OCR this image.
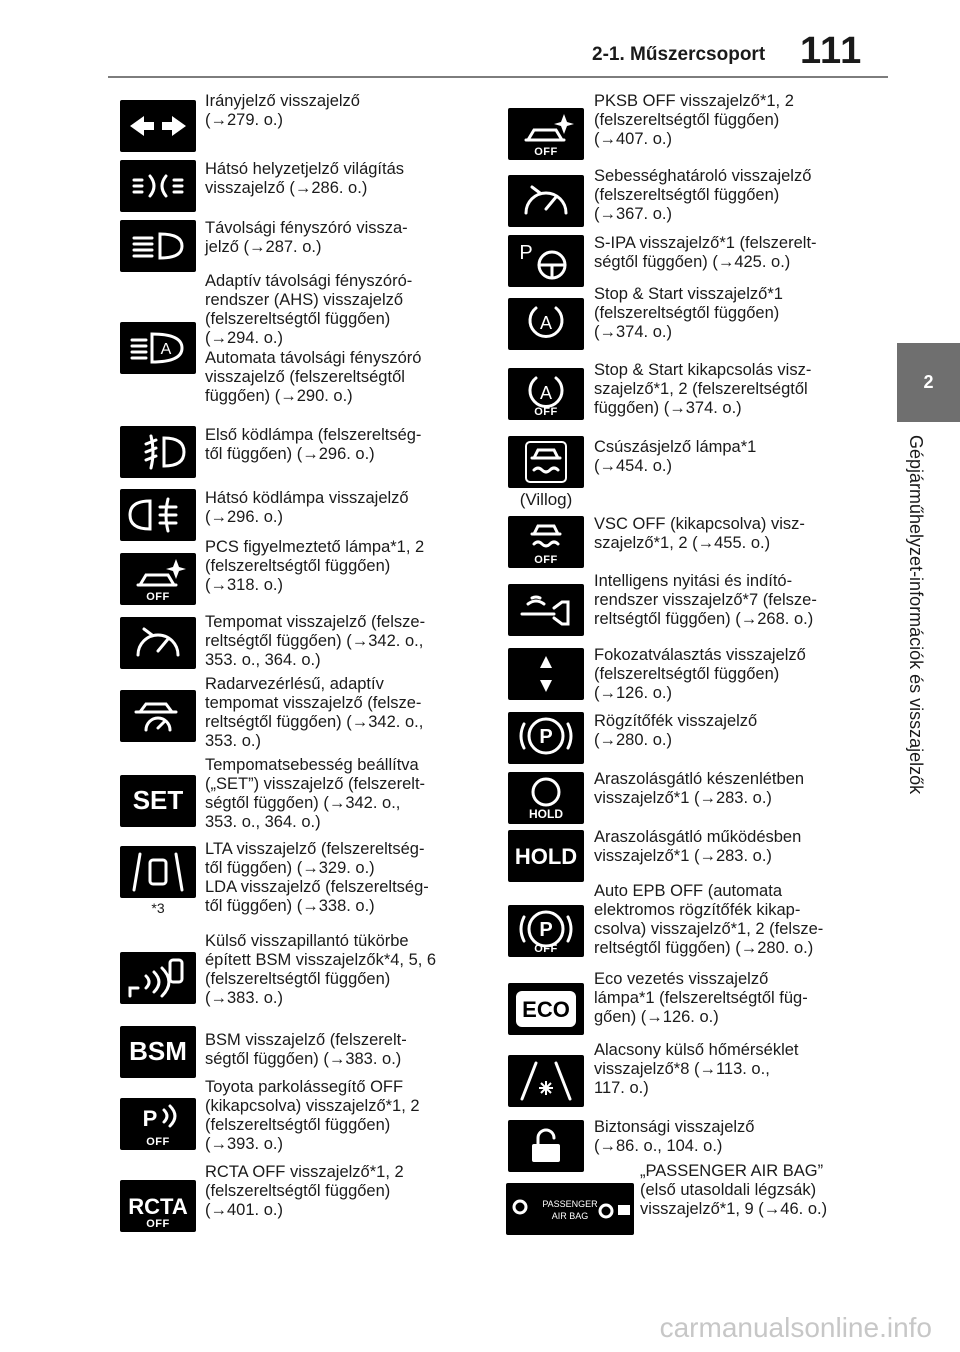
2-1. Műszercsoport 111
2
Gépjárműhelyzet-információk és visszajelzők
carmanualsonline.info

Irányjelző visszajelző

(→279. o.)

Hátsó helyzetjelző világítás

visszajelző (→286. o.)

Távolsági fényszóró vissza-

jelző (→287. o.)

A

Adaptív távolsági fényszóró-

rendszer (AHS) visszajelző

(felszereltségtől függően)

(→294. o.)

Automata távolsági fényszóró

visszajelző (felszereltségtől

függően) (→290. o.)

Első ködlámpa (felszereltség-

től függően) (→296. o.)

Hátsó ködlámpa visszajelző

(→296. o.)

OFF

PCS figyelmeztető lámpa*1, 2

(felszereltségtől függően)

(→318. o.)

Tempomat visszajelző (felsze-

reltségtől függően) (→342. o.,

353. o., 364. o.)

Radarvezérlésű, adaptív

tempomat visszajelző (felsze-

reltségtől függően) (→342. o.,

353. o.)

SET

Tempomatsebesség beállítva

(„SET”) visszajelző (felszerelt-

ségtől függően) (→342. o.,

353. o., 364. o.)

*3

LTA visszajelző (felszereltség-

től függően) (→329. o.)

LDA visszajelző (felszereltség-

től függően) (→338. o.)

Külső visszapillantó tükörbe

épített BSM visszajelzők*4, 5, 6

(felszereltségtől függően)

(→383. o.)

BSM BSM visszajelző (felszerelt-

ségtől függően) (→383. o.)

P
OFF

Toyota parkolássegítő OFF

(kikapcsolva) visszajelző*1, 2

(felszereltségtől függően)

(→393. o.)

RCTA
OFF

RCTA OFF visszajelző*1, 2

(felszereltségtől függően)

(→401. o.)

OFF

PKSB OFF visszajelző*1, 2

(felszereltségtől függően)

(→407. o.)

Sebességhatároló visszajelző

(felszereltségtől függően)

(→367. o.)

P	S-IPA visszajelző*1 (felszerelt-

ségtől függően) (→425. o.)

A

Stop & Start visszajelző*1

(felszereltségtől függően)

(→374. o.)

A
OFF

Stop & Start kikapcsolás visz-

szajelző*1, 2 (felszereltségtől

függően) (→374. o.)

(Villog)

Csúszásjelző lámpa*1

(→454. o.)

OFF

VSC OFF (kikapcsolva) visz-

szajelző*1, 2 (→455. o.)

Intelligens nyitási és indító-

rendszer visszajelző*7 (felsze-

reltségtől függően) (→268. o.)

Fokozatválasztás visszajelző

(felszereltségtől függően)

(→126. o.)

P

Rögzítőfék visszajelző

(→280. o.)

HOLD

Araszolásgátló készenlétben

visszajelző*1 (→283. o.)

HOLD

Araszolásgátló működésben

visszajelző*1 (→283. o.)

P
OFF

Auto EPB OFF (automata

elektromos rögzítőfék kikap-

csolva) visszajelző*1, 2 (felsze-

reltségtől függően) (→280. o.)

ECO

Eco vezetés visszajelző

lámpa*1 (felszereltségtől füg-

gően) (→126. o.)

Alacsony külső hőmérséklet

visszajelző*8 (→113. o.,

117. o.)

Biztonsági visszajelző

(→86. o., 104. o.)

PASSENGER
AIR BAG

„PASSENGER AIR BAG”

(első utasoldali légzsák)

visszajelző*1, 9 (→46. o.)
